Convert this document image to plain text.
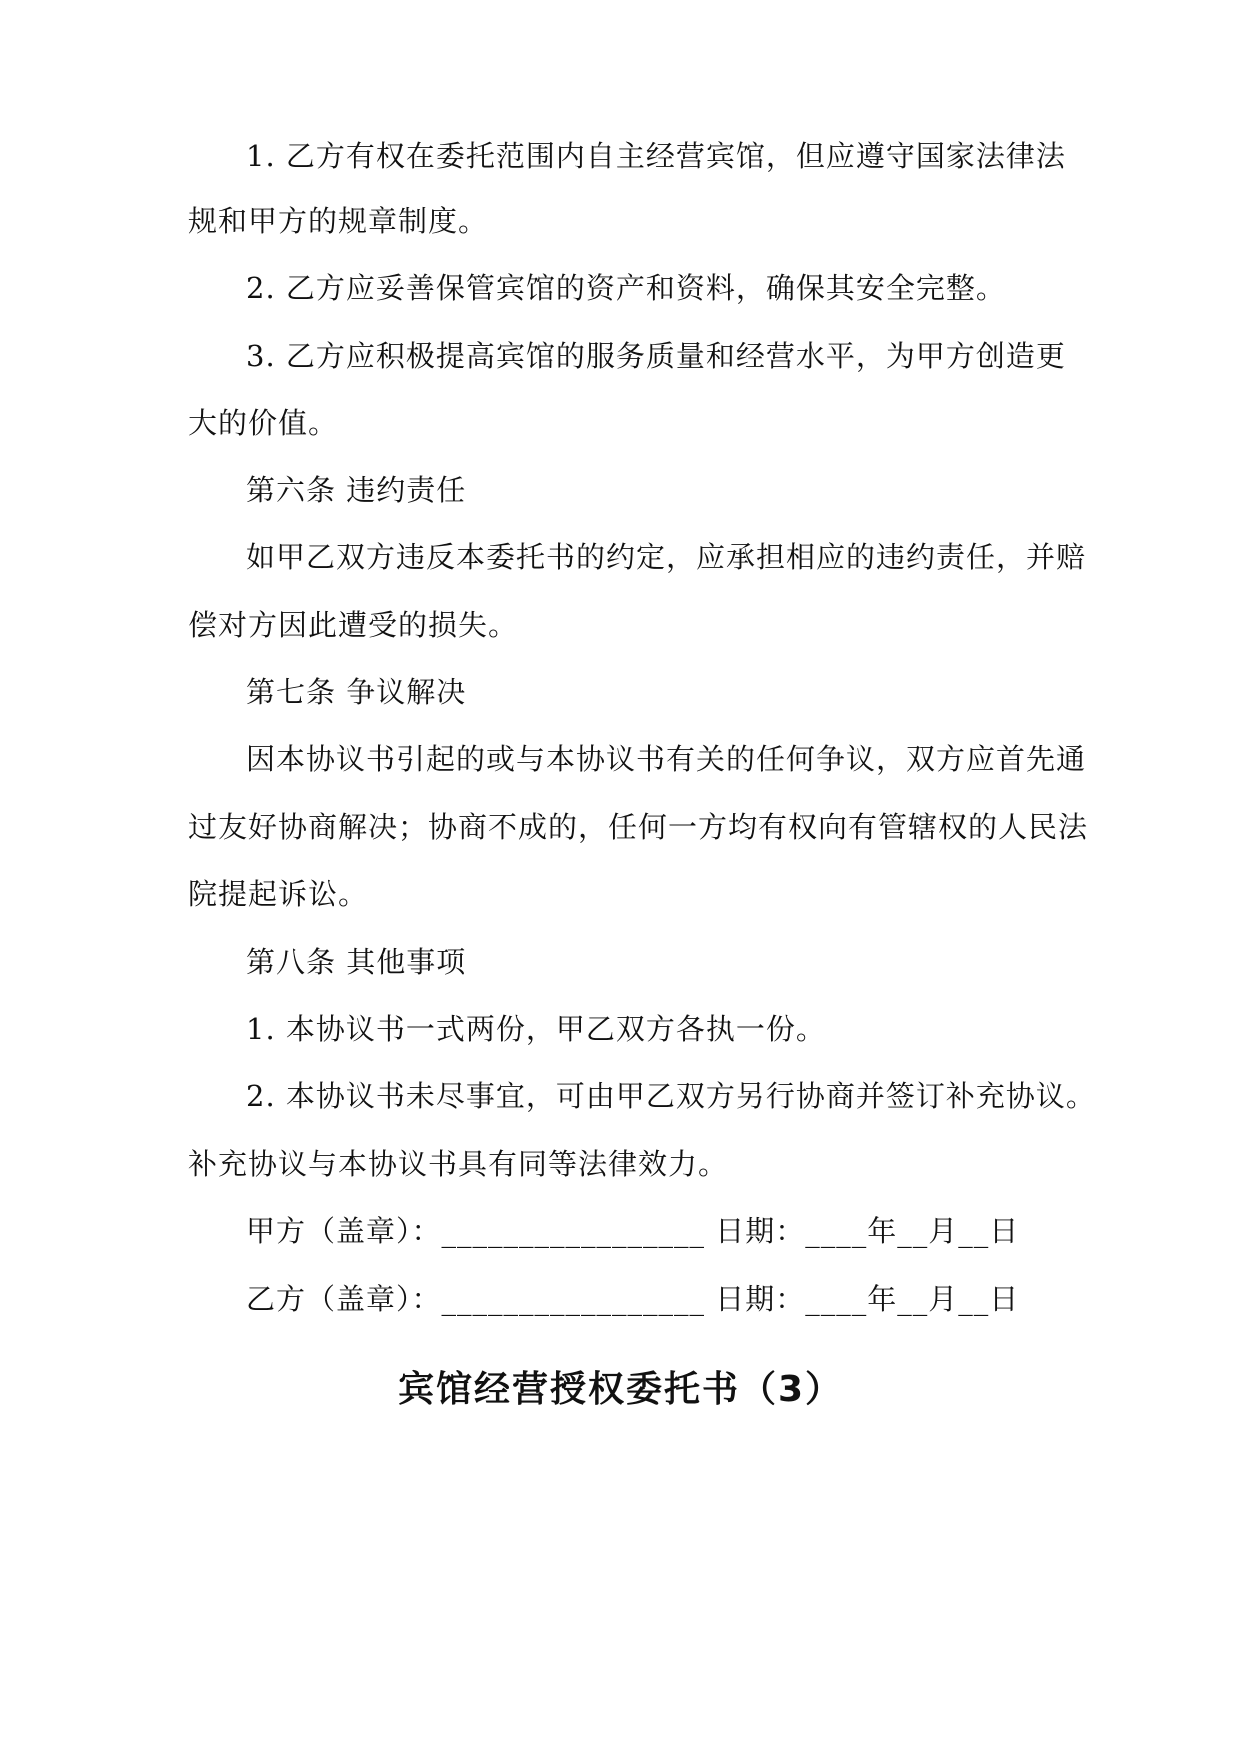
1. 乙方有权在委托范围内自主经营宾馆，但应遵守国家法律法
规和甲方的规章制度。
2. 乙方应妥善保管宾馆的资产和资料，确保其安全完整。
3. 乙方应积极提高宾馆的服务质量和经营水平，为甲方创造更
大的价值。
第六条 违约责任
如甲乙双方违反本委托书的约定，应承担相应的违约责任，并赔
偿对方因此遭受的损失。
第七条 争议解决
因本协议书引起的或与本协议书有关的任何争议，双方应首先通
过友好协商解决；协商不成的，任何一方均有权向有管辖权的人民法
院提起诉讼。
第八条 其他事项
1. 本协议书一式两份，甲乙双方各执一份。
2. 本协议书未尽事宜，可由甲乙双方另行协商并签订补充协议。
补充协议与本协议书具有同等法律效力。
甲方（盖章）：_________________ 日期：____年__月__日
乙方（盖章）：_________________ 日期：____年__月__日
宾馆经营授权委托书（3）
